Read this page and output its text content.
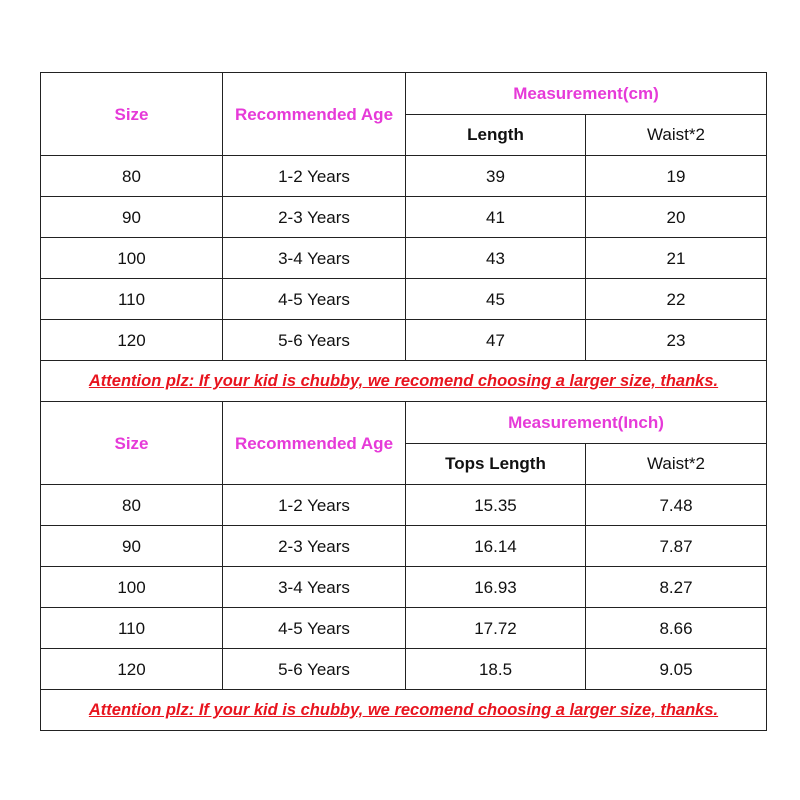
Size	Recommended Age	Measurement(cm)	
		Length	Waist*2
80	1-2 Years	39	19
90	2-3 Years	41	20
100	3-4 Years	43	21
110	4-5 Years	45	22
120	5-6 Years	47	23
Attention plz: If your kid is chubby, we recomend choosing a larger size, thanks.			
Size	Recommended Age	Measurement(Inch)	
		Tops Length	Waist*2
80	1-2 Years	15.35	7.48
90	2-3 Years	16.14	7.87
100	3-4 Years	16.93	8.27
110	4-5 Years	17.72	8.66
120	5-6 Years	18.5	9.05
Attention plz: If your kid is chubby, we recomend choosing a larger size, thanks.			
